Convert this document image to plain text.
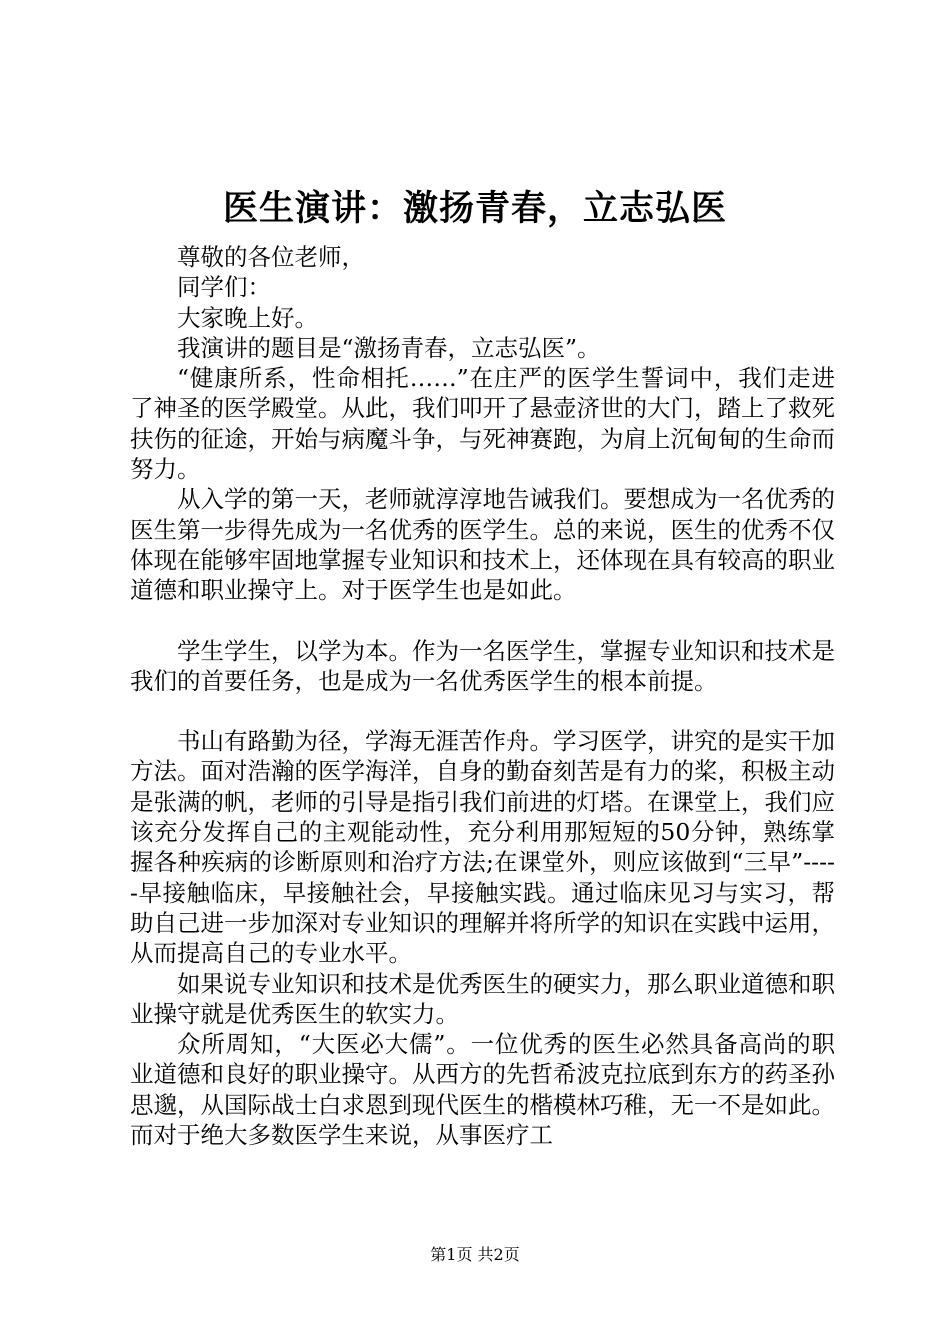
医生演讲：激扬青春，立志弘医

尊敬的各位老师，

同学们：

大家晚上好。

我演讲的题目是“激扬青春，立志弘医”。

“健康所系，性命相托……”在庄严的医学生誓词中，我们走进了神圣的医学殿堂。从此，我们叩开了悬壶济世的大门，踏上了救死扶伤的征途，开始与病魔斗争，与死神赛跑，为肩上沉甸甸的生命而努力。

从入学的第一天，老师就淳淳地告诫我们。要想成为一名优秀的医生第一步得先成为一名优秀的医学生。总的来说，医生的优秀不仅体现在能够牢固地掌握专业知识和技术上，还体现在具有较高的职业道德和职业操守上。对于医学生也是如此。

学生学生，以学为本。作为一名医学生，掌握专业知识和技术是我们的首要任务，也是成为一名优秀医学生的根本前提。

书山有路勤为径，学海无涯苦作舟。学习医学，讲究的是实干加方法。面对浩瀚的医学海洋，自身的勤奋刻苦是有力的桨，积极主动是张满的帆，老师的引导是指引我们前进的灯塔。在课堂上，我们应该充分发挥自己的主观能动性，充分利用那短短的50分钟，熟练掌握各种疾病的诊断原则和治疗方法;在课堂外，则应该做到“三早”-----早接触临床，早接触社会，早接触实践。通过临床见习与实习，帮助自己进一步加深对专业知识的理解并将所学的知识在实践中运用，从而提高自己的专业水平。

如果说专业知识和技术是优秀医生的硬实力，那么职业道德和职业操守就是优秀医生的软实力。

众所周知，“大医必大儒”。一位优秀的医生必然具备高尚的职业道德和良好的职业操守。从西方的先哲希波克拉底到东方的药圣孙思邈，从国际战士白求恩到现代医生的楷模林巧稚，无一不是如此。而对于绝大多数医学生来说，从事医疗工

第1页 共2页
